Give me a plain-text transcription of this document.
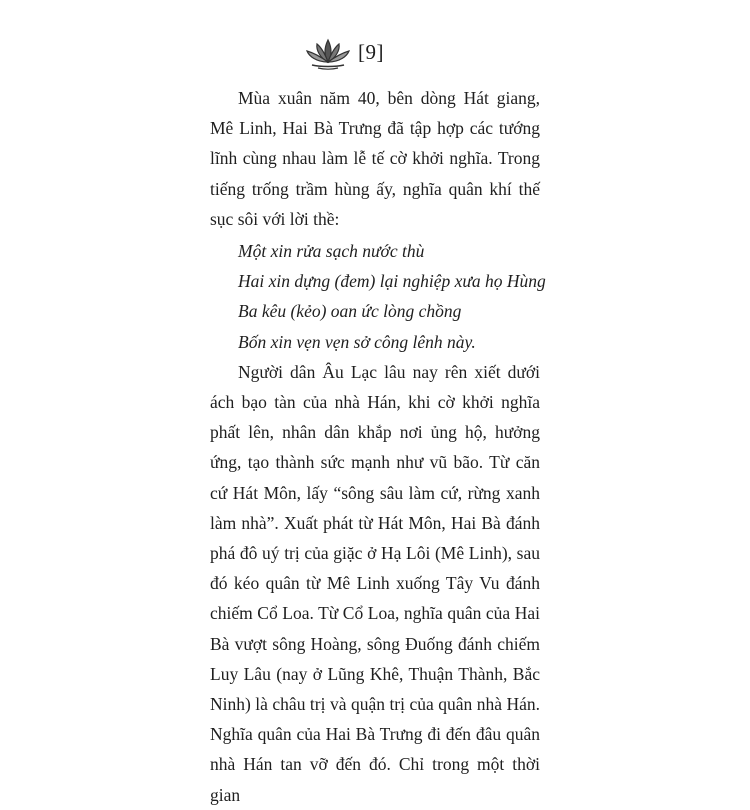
[9]

Mùa xuân năm 40, bên dòng Hát giang, Mê Linh, Hai Bà Trưng đã tập hợp các tướng lĩnh cùng nhau làm lễ tế cờ khởi nghĩa. Trong tiếng trống trầm hùng ấy, nghĩa quân khí thế sục sôi với lời thề:

Một xin rửa sạch nước thù

Hai xin dựng (đem) lại nghiệp xưa họ Hùng

Ba kêu (kẻo) oan ức lòng chồng

Bốn xin vẹn vẹn sở công lênh này.

Người dân Âu Lạc lâu nay rên xiết dưới ách bạo tàn của nhà Hán, khi cờ khởi nghĩa phất lên, nhân dân khắp nơi ủng hộ, hưởng ứng, tạo thành sức mạnh như vũ bão. Từ căn cứ Hát Môn, lấy “sông sâu làm cứ, rừng xanh làm nhà”. Xuất phát từ Hát Môn, Hai Bà đánh phá đô uý trị của giặc ở Hạ Lôi (Mê Linh), sau đó kéo quân từ Mê Linh xuống Tây Vu đánh chiếm Cổ Loa. Từ Cổ Loa, nghĩa quân của Hai Bà vượt sông Hoàng, sông Đuống đánh chiếm Luy Lâu (nay ở Lũng Khê, Thuận Thành, Bắc Ninh) là châu trị và quận trị của quân nhà Hán. Nghĩa quân của Hai Bà Trưng đi đến đâu quân nhà Hán tan vỡ đến đó. Chỉ trong một thời gian
